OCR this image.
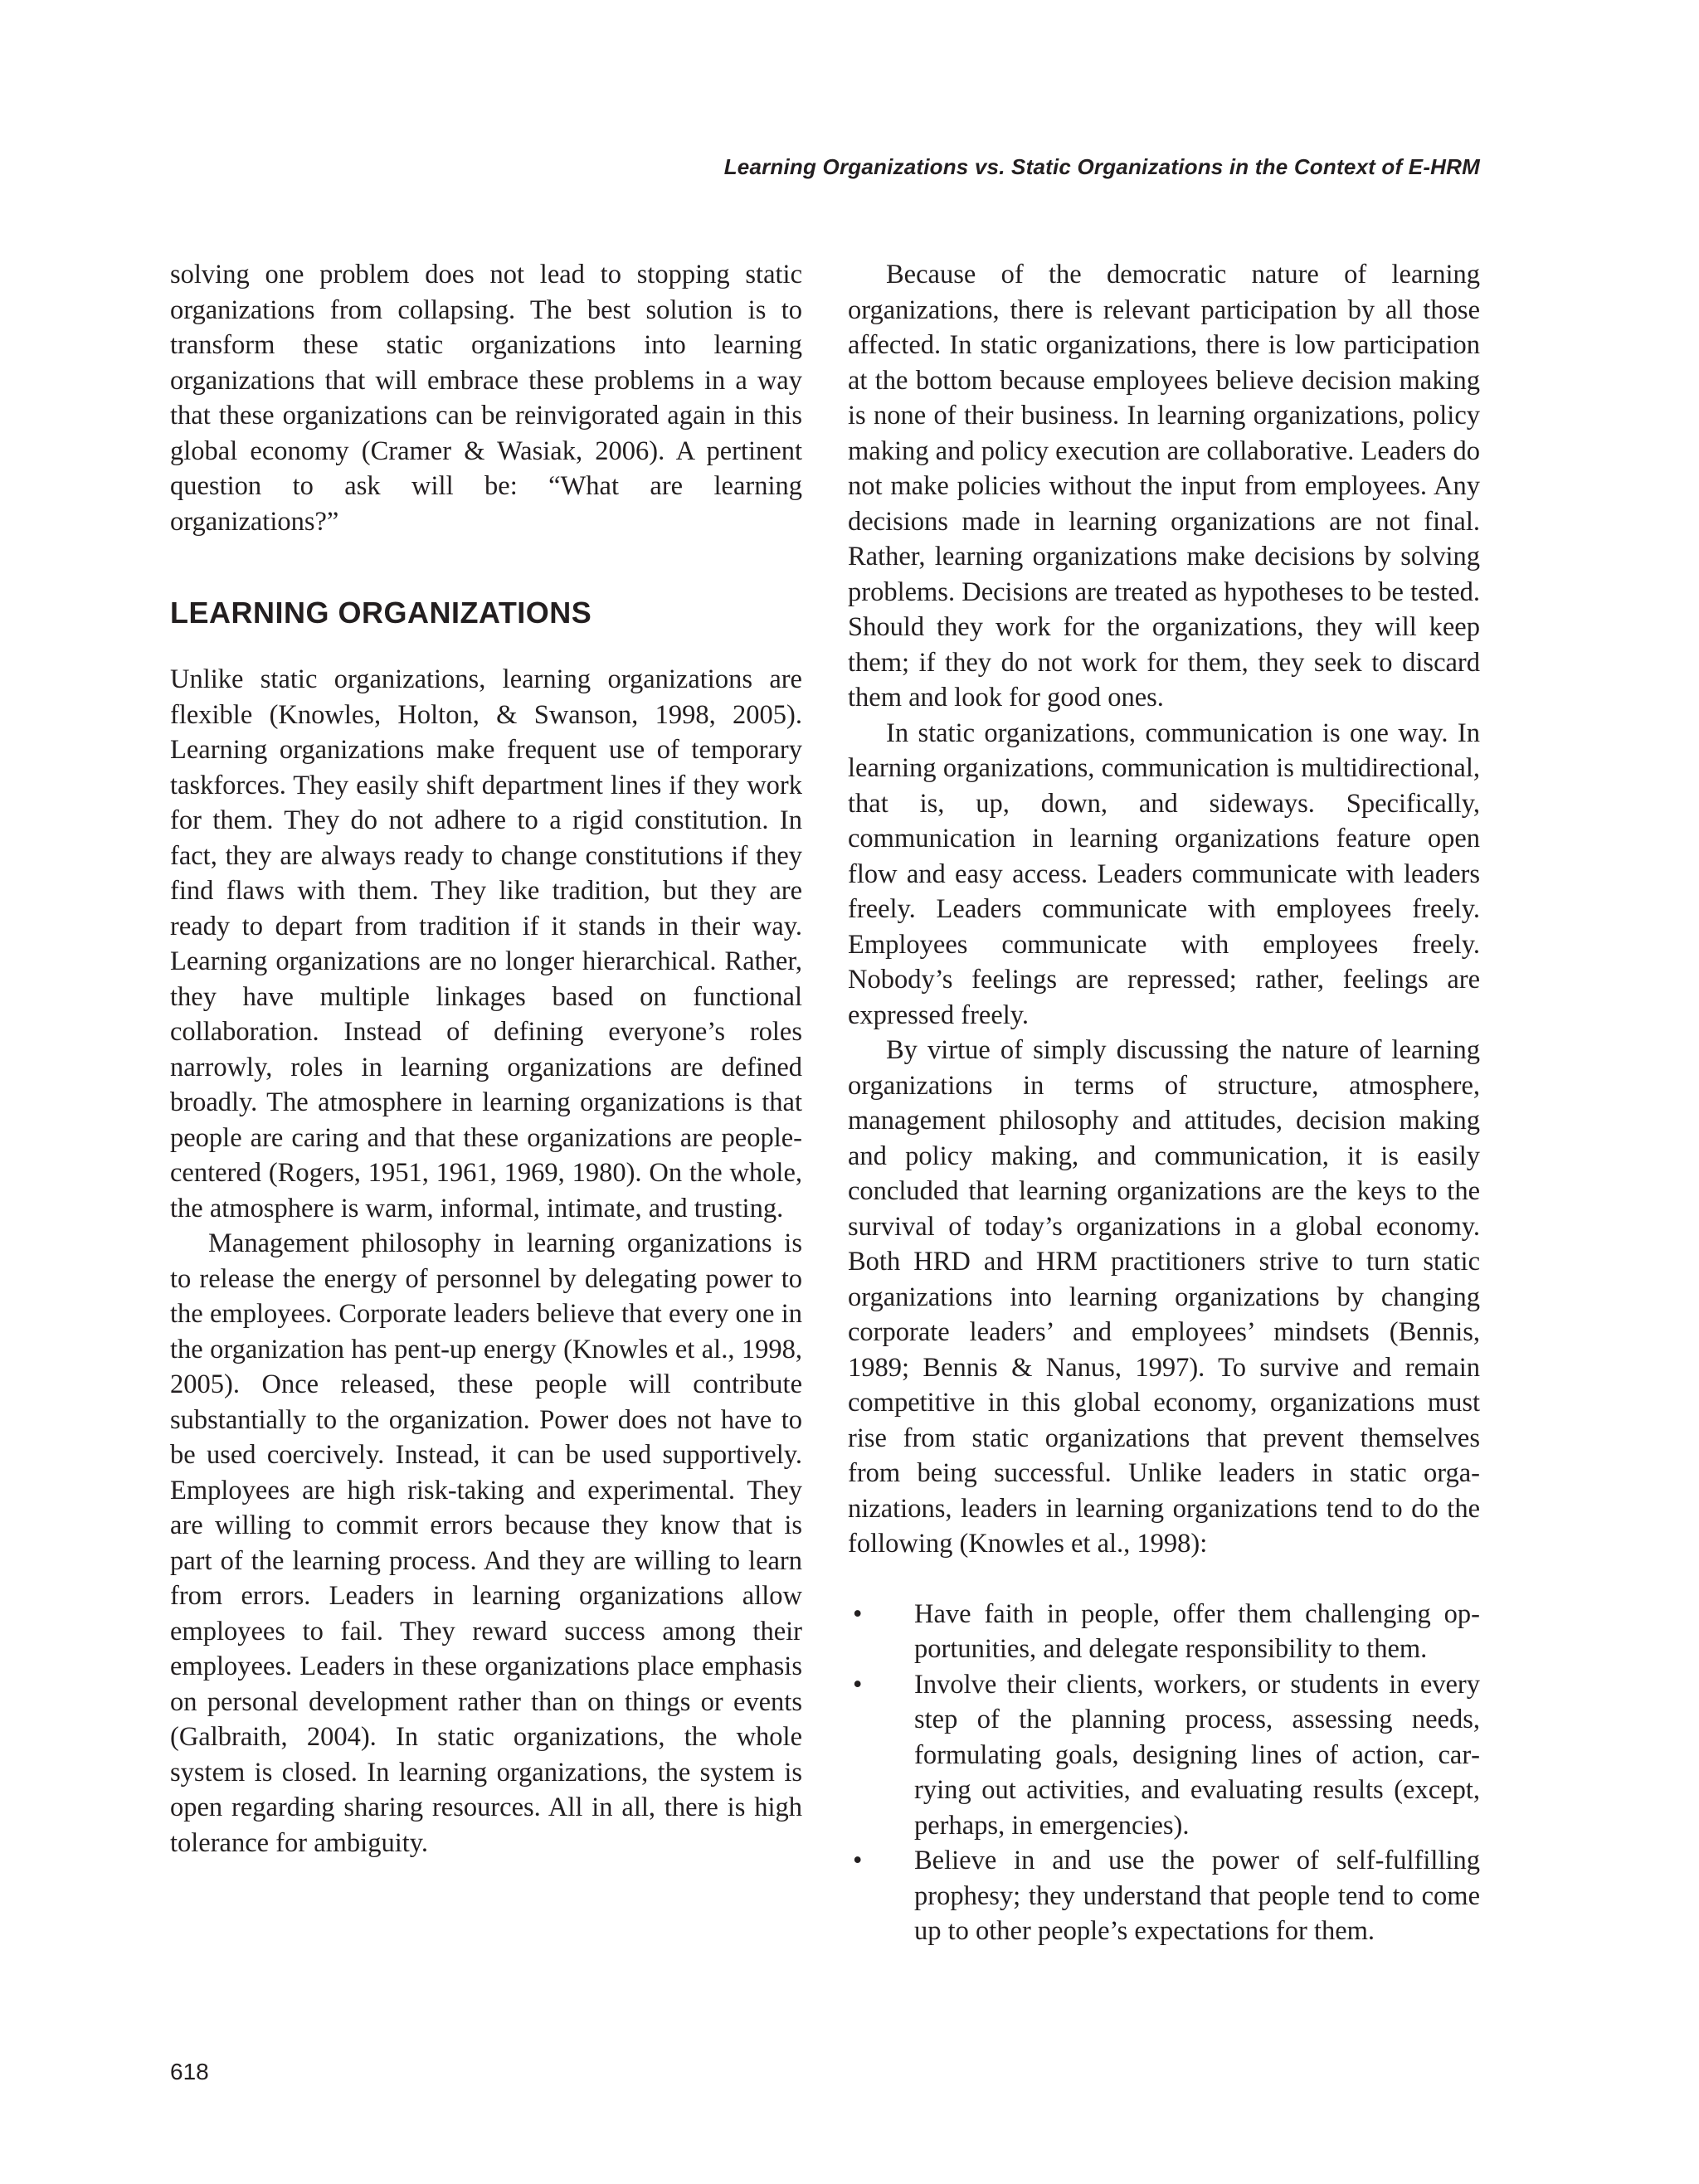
Learning Organizations vs. Static Organizations in the Context of E-HRM

solving one problem does not lead to stopping static organizations from collapsing. The best solution is to transform these static organizations into learning organizations that will embrace these problems in a way that these organizations can be reinvigorated again in this global economy (Cramer & Wasiak, 2006). A pertinent question to ask will be: “What are learning organizations?”

LEARNING ORGANIZATIONS

Unlike static organizations, learning organizations are flexible (Knowles, Holton, & Swanson, 1998, 2005). Learning organizations make frequent use of temporary taskforces. They easily shift department lines if they work for them. They do not adhere to a rigid constitution. In fact, they are always ready to change constitutions if they find flaws with them. They like tradition, but they are ready to depart from tradition if it stands in their way. Learning organizations are no longer hierarchical. Rather, they have multiple linkages based on functional collaboration. Instead of defining everyone’s roles narrowly, roles in learning organizations are defined broadly. The atmosphere in learning organizations is that people are caring and that these organizations are people-centered (Rogers, 1951, 1961, 1969, 1980). On the whole, the atmosphere is warm, informal, intimate, and trusting.

Management philosophy in learning organizations is to release the energy of personnel by delegating power to the employees. Corporate leaders believe that every one in the organization has pent-up energy (Knowles et al., 1998, 2005). Once released, these people will contribute substantially to the organization. Power does not have to be used coercively. Instead, it can be used supportively. Employees are high risk-taking and experimental. They are willing to commit errors because they know that is part of the learning process. And they are willing to learn from errors. Leaders in learning organizations allow employees to fail. They reward success among their employees. Leaders in these organizations place emphasis on personal development rather than on things or events (Galbraith, 2004). In static organizations, the whole system is closed. In learning organizations, the system is open regarding sharing resources. All in all, there is high tolerance for ambiguity.

Because of the democratic nature of learning organizations, there is relevant participation by all those affected. In static organizations, there is low participation at the bottom because employees believe decision making is none of their business. In learning organizations, policy making and policy execution are collaborative. Leaders do not make policies without the input from employees. Any decisions made in learning organizations are not final. Rather, learning organizations make decisions by solving problems. Decisions are treated as hypotheses to be tested. Should they work for the organizations, they will keep them; if they do not work for them, they seek to discard them and look for good ones.

In static organizations, communication is one way. In learning organizations, communication is multidirectional, that is, up, down, and sideways. Specifically, communication in learning organizations feature open flow and easy access. Leaders communicate with leaders freely. Leaders communicate with employees freely. Employees communicate with employees freely. Nobody’s feelings are repressed; rather, feelings are expressed freely.

By virtue of simply discussing the nature of learning organizations in terms of structure, atmosphere, management philosophy and attitudes, decision making and policy making, and communication, it is easily concluded that learning organizations are the keys to the survival of today’s organizations in a global economy. Both HRD and HRM practitioners strive to turn static organizations into learning organizations by changing corporate leaders’ and employees’ mindsets (Bennis, 1989; Bennis & Nanus, 1997). To survive and remain competitive in this global economy, organizations must rise from static organizations that prevent themselves from being successful. Unlike leaders in static organizations, leaders in learning organizations tend to do the following (Knowles et al., 1998):

• Have faith in people, offer them challenging opportunities, and delegate responsibility to them.
• Involve their clients, workers, or students in every step of the planning process, assessing needs, formulating goals, designing lines of action, carrying out activities, and evaluating results (except, perhaps, in emergencies).
• Believe in and use the power of self-fulfilling prophesy; they understand that people tend to come up to other people’s expectations for them.
618
